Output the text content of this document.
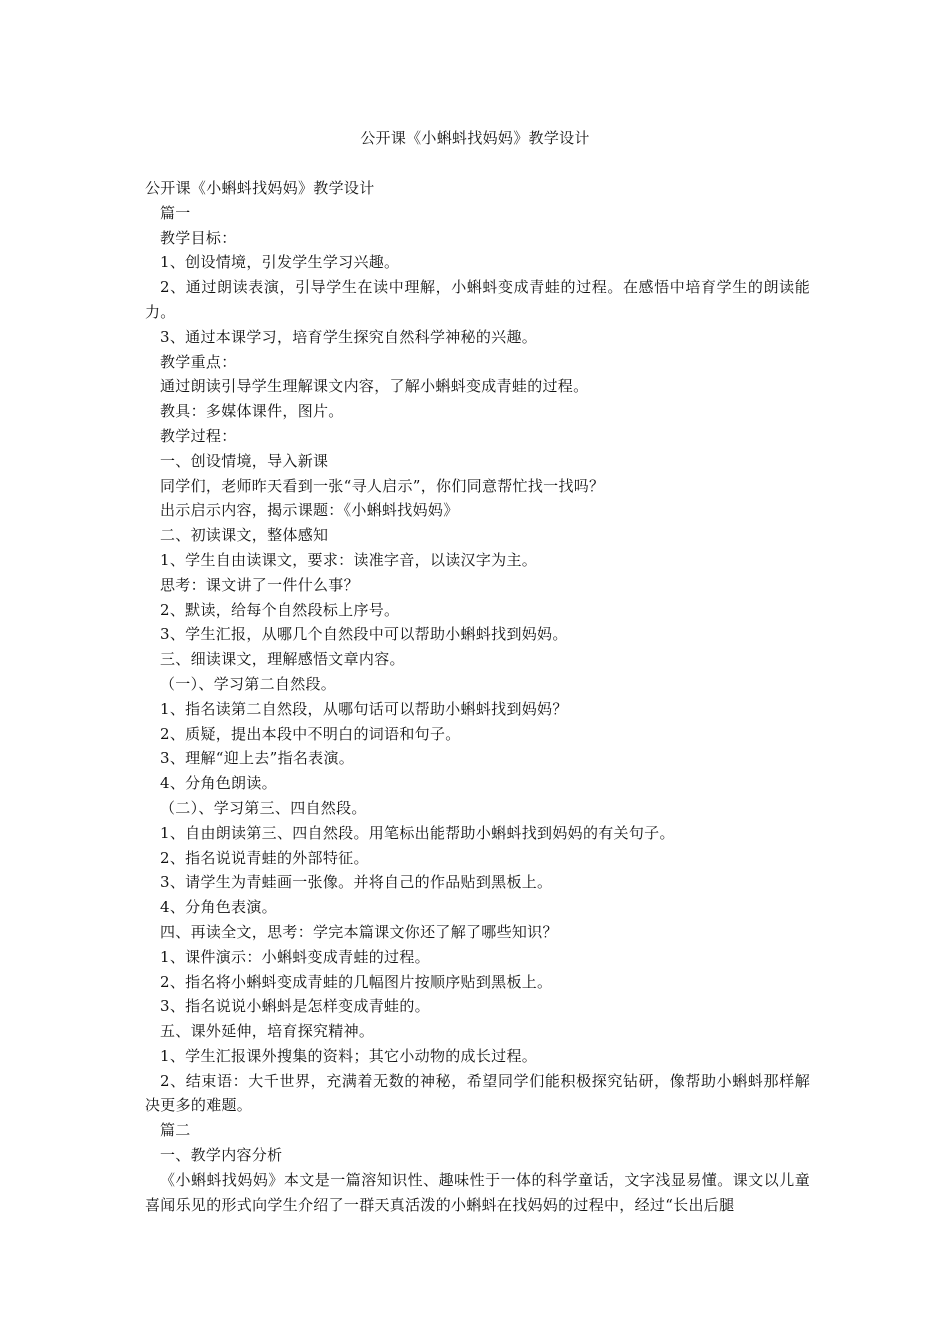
公开课《小蝌蚪找妈妈》教学设计

公开课《小蝌蚪找妈妈》教学设计

篇一

教学目标：

1、创设情境，引发学生学习兴趣。

2、通过朗读表演，引导学生在读中理解，小蝌蚪变成青蛙的过程。在感悟中培育学生的朗读能力。

3、通过本课学习，培育学生探究自然科学神秘的兴趣。

教学重点：

通过朗读引导学生理解课文内容，了解小蝌蚪变成青蛙的过程。

教具：多媒体课件，图片。

教学过程：

一、创设情境，导入新课

同学们，老师昨天看到一张“寻人启示”，你们同意帮忙找一找吗？

出示启示内容，揭示课题：《小蝌蚪找妈妈》

二、初读课文，整体感知

1、学生自由读课文，要求：读准字音，以读汉字为主。

思考：课文讲了一件什么事？

2、默读，给每个自然段标上序号。

3、学生汇报，从哪几个自然段中可以帮助小蝌蚪找到妈妈。

三、细读课文，理解感悟文章内容。

（一）、学习第二自然段。

1、指名读第二自然段，从哪句话可以帮助小蝌蚪找到妈妈？

2、质疑，提出本段中不明白的词语和句子。

3、理解“迎上去”指名表演。

4、分角色朗读。

（二）、学习第三、四自然段。

1、自由朗读第三、四自然段。用笔标出能帮助小蝌蚪找到妈妈的有关句子。

2、指名说说青蛙的外部特征。

3、请学生为青蛙画一张像。并将自己的作品贴到黑板上。

4、分角色表演。

四、再读全文，思考：学完本篇课文你还了解了哪些知识？

1、课件演示：小蝌蚪变成青蛙的过程。

2、指名将小蝌蚪变成青蛙的几幅图片按顺序贴到黑板上。

3、指名说说小蝌蚪是怎样变成青蛙的。

五、课外延伸，培育探究精神。

1、学生汇报课外搜集的资料；其它小动物的成长过程。

2、结束语：大千世界，充满着无数的神秘，希望同学们能积极探究钻研，像帮助小蝌蚪那样解决更多的难题。

篇二

一、教学内容分析

《小蝌蚪找妈妈》本文是一篇溶知识性、趣味性于一体的科学童话，文字浅显易懂。课文以儿童喜闻乐见的形式向学生介绍了一群天真活泼的小蝌蚪在找妈妈的过程中，经过“长出后腿
